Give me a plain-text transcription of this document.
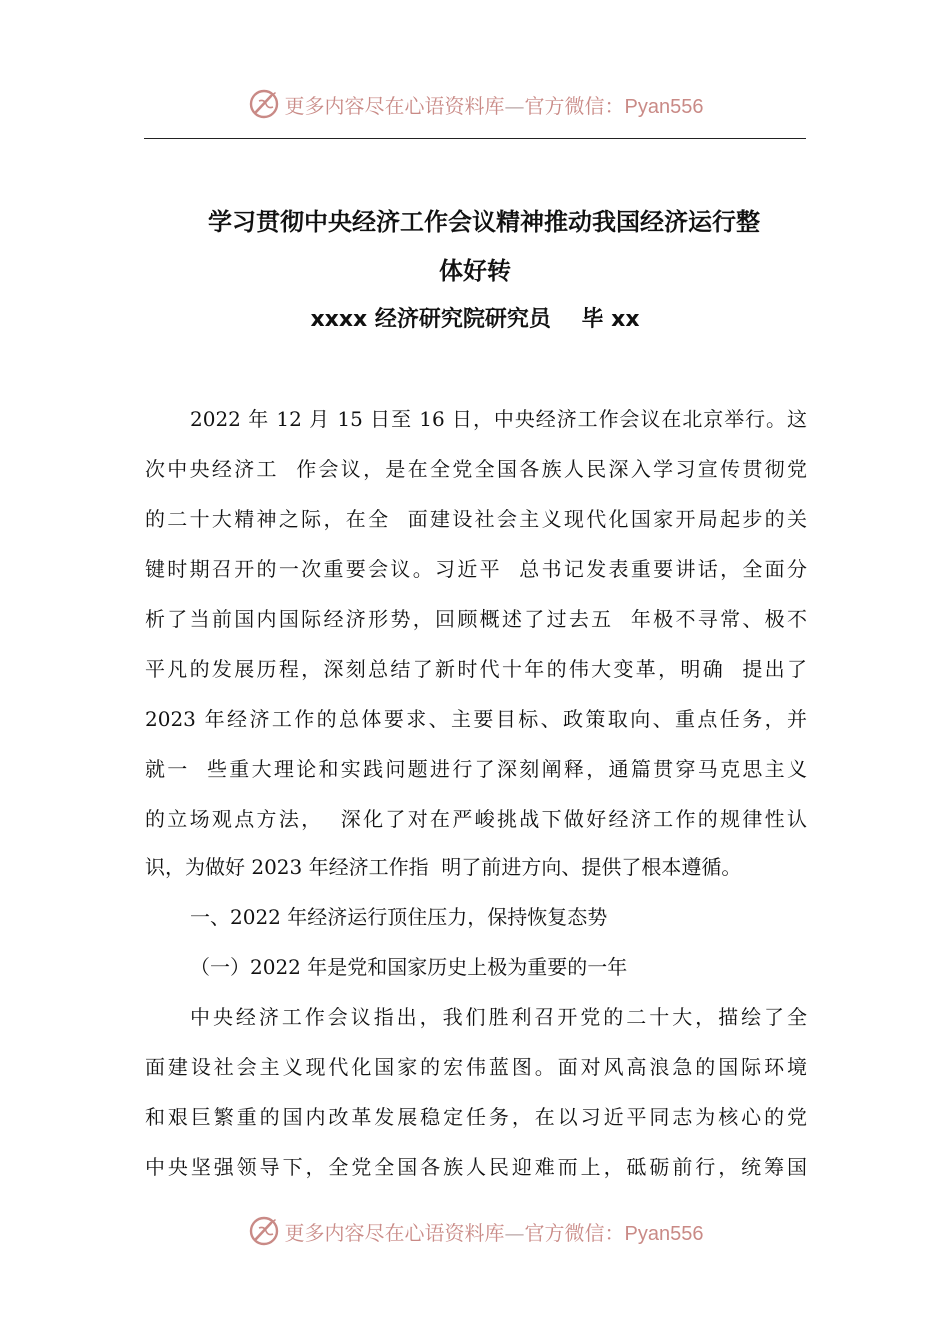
更多内容尽在心语资料库—官方微信：Pyan556
学习贯彻中央经济工作会议精神推动我国经济运行整
体好转
xxxx 经济研究院研究员    毕 xx
2022 年 12 月 15 日至 16 日，中央经济工作会议在北京举行。这
次中央经济工  作会议，是在全党全国各族人民深入学习宣传贯彻党
的二十大精神之际，在全  面建设社会主义现代化国家开局起步的关
键时期召开的一次重要会议。习近平  总书记发表重要讲话，全面分
析了当前国内国际经济形势，回顾概述了过去五  年极不寻常、极不
平凡的发展历程，深刻总结了新时代十年的伟大变革，明确  提出了
2023 年经济工作的总体要求、主要目标、政策取向、重点任务，并
就一  些重大理论和实践问题进行了深刻阐释，通篇贯穿马克思主义
的立场观点方法，  深化了对在严峻挑战下做好经济工作的规律性认
识，为做好 2023 年经济工作指  明了前进方向、提供了根本遵循。
一、2022 年经济运行顶住压力，保持恢复态势
（一）2022 年是党和国家历史上极为重要的一年
中央经济工作会议指出，我们胜利召开党的二十大，描绘了全
面建设社会主义现代化国家的宏伟蓝图。面对风高浪急的国际环境
和艰巨繁重的国内改革发展稳定任务，在以习近平同志为核心的党
中央坚强领导下，全党全国各族人民迎难而上，砥砺前行，统筹国
更多内容尽在心语资料库—官方微信：Pyan556
